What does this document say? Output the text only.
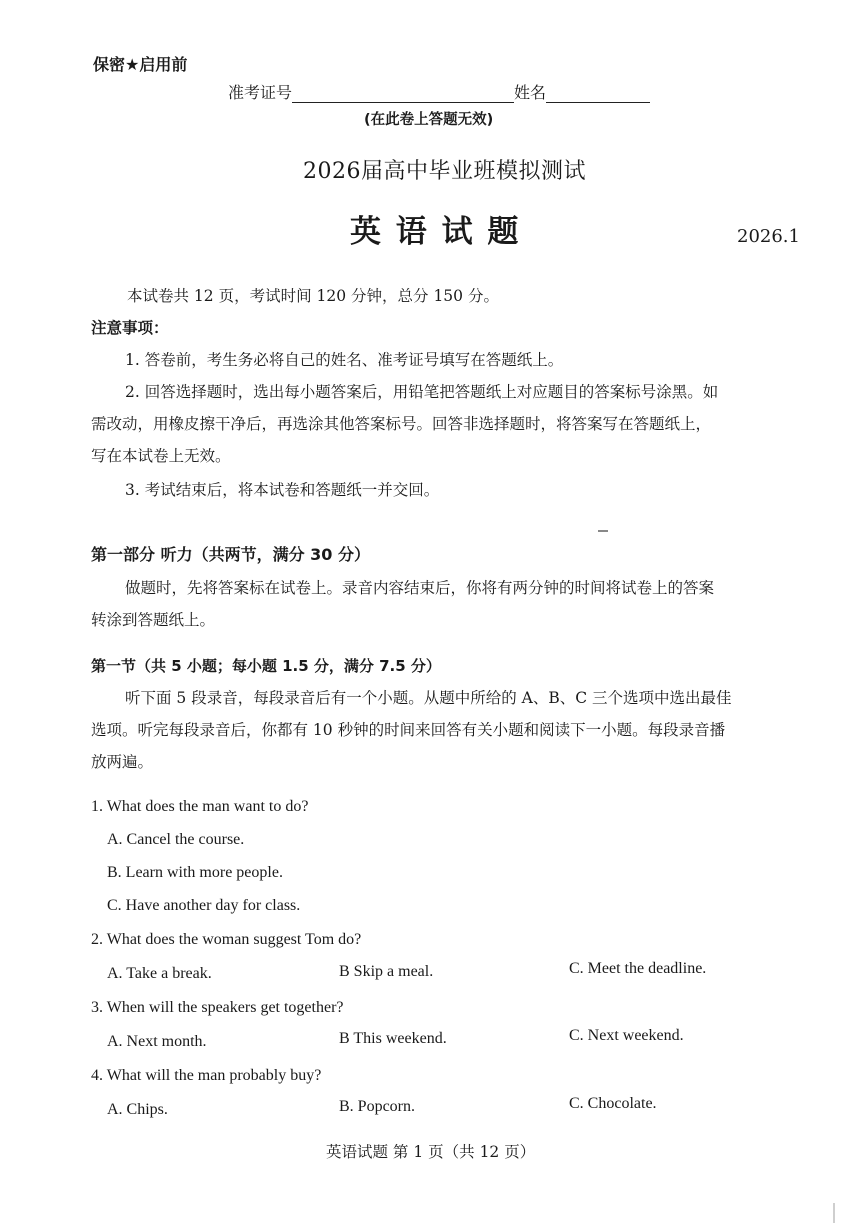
保密★启用前
准考证号	姓名
(在此卷上答题无效)
2026届高中毕业班模拟测试
英 语 试 题	2026.1
本试卷共 12 页，考试时间 120 分钟，总分 150 分。
注意事项：
1. 答卷前，考生务必将自己的姓名、准考证号填写在答题纸上。
2. 回答选择题时，选出每小题答案后，用铅笔把答题纸上对应题目的答案标号涂黑。如
需改动，用橡皮擦干净后，再选涂其他答案标号。回答非选择题时，将答案写在答题纸上，
写在本试卷上无效。
3. 考试结束后，将本试卷和答题纸一并交回。
第一部分 听力（共两节，满分 30 分）
做题时，先将答案标在试卷上。录音内容结束后，你将有两分钟的时间将试卷上的答案
转涂到答题纸上。
第一节（共 5 小题；每小题 1.5 分，满分 7.5 分）
听下面 5 段录音，每段录音后有一个小题。从题中所给的 A、B、C 三个选项中选出最佳
选项。听完每段录音后，你都有 10 秒钟的时间来回答有关小题和阅读下一小题。每段录音播
放两遍。
1. What does the man want to do?
A. Cancel the course.
B. Learn with more people.
C. Have another day for class.
2. What does the woman suggest Tom do?
A. Take a break.	B Skip a meal.	C. Meet the deadline.
3. When will the speakers get together?
A. Next month.	B This weekend.	C. Next weekend.
4. What will the man probably buy?
A. Chips.	B. Popcorn.	C. Chocolate.
英语试题 第 1 页（共 12 页）
